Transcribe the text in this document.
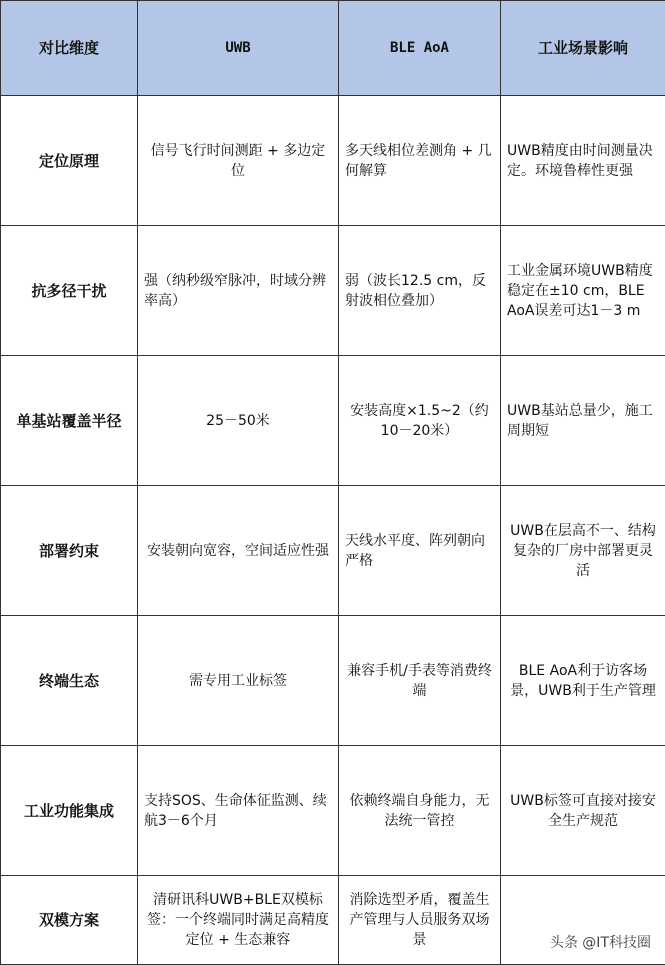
对比维度	UWB	BLE AoA	工业场景影响
定位原理	信号飞行时间测距 + 多边定位	多天线相位差测角 + 几何解算	UWB精度由时间测量决定。环境鲁棒性更强
抗多径干扰	强（纳秒级窄脉冲，时域分辨率高）	弱（波长12.5 cm，反射波相位叠加）	工业金属环境UWB精度稳定在±10 cm，BLE AoA误差可达1－3 m
单基站覆盖半径	25－50米	安装高度×1.5~2（约10－20米）	UWB基站总量少，施工周期短
部署约束	安装朝向宽容，空间适应性强	天线水平度、阵列朝向严格	UWB在层高不一、结构复杂的厂房中部署更灵活
终端生态	需专用工业标签	兼容手机/手表等消费终端	BLE AoA利于访客场景，UWB利于生产管理
工业功能集成	支持SOS、生命体征监测、续航3－6个月	依赖终端自身能力，无法统一管控	UWB标签可直接对接安全生产规范
双模方案	清研讯科UWB+BLE双模标签：一个终端同时满足高精度定位 + 生态兼容	消除选型矛盾，覆盖生产管理与人员服务双场景		头条 @IT科技圈
